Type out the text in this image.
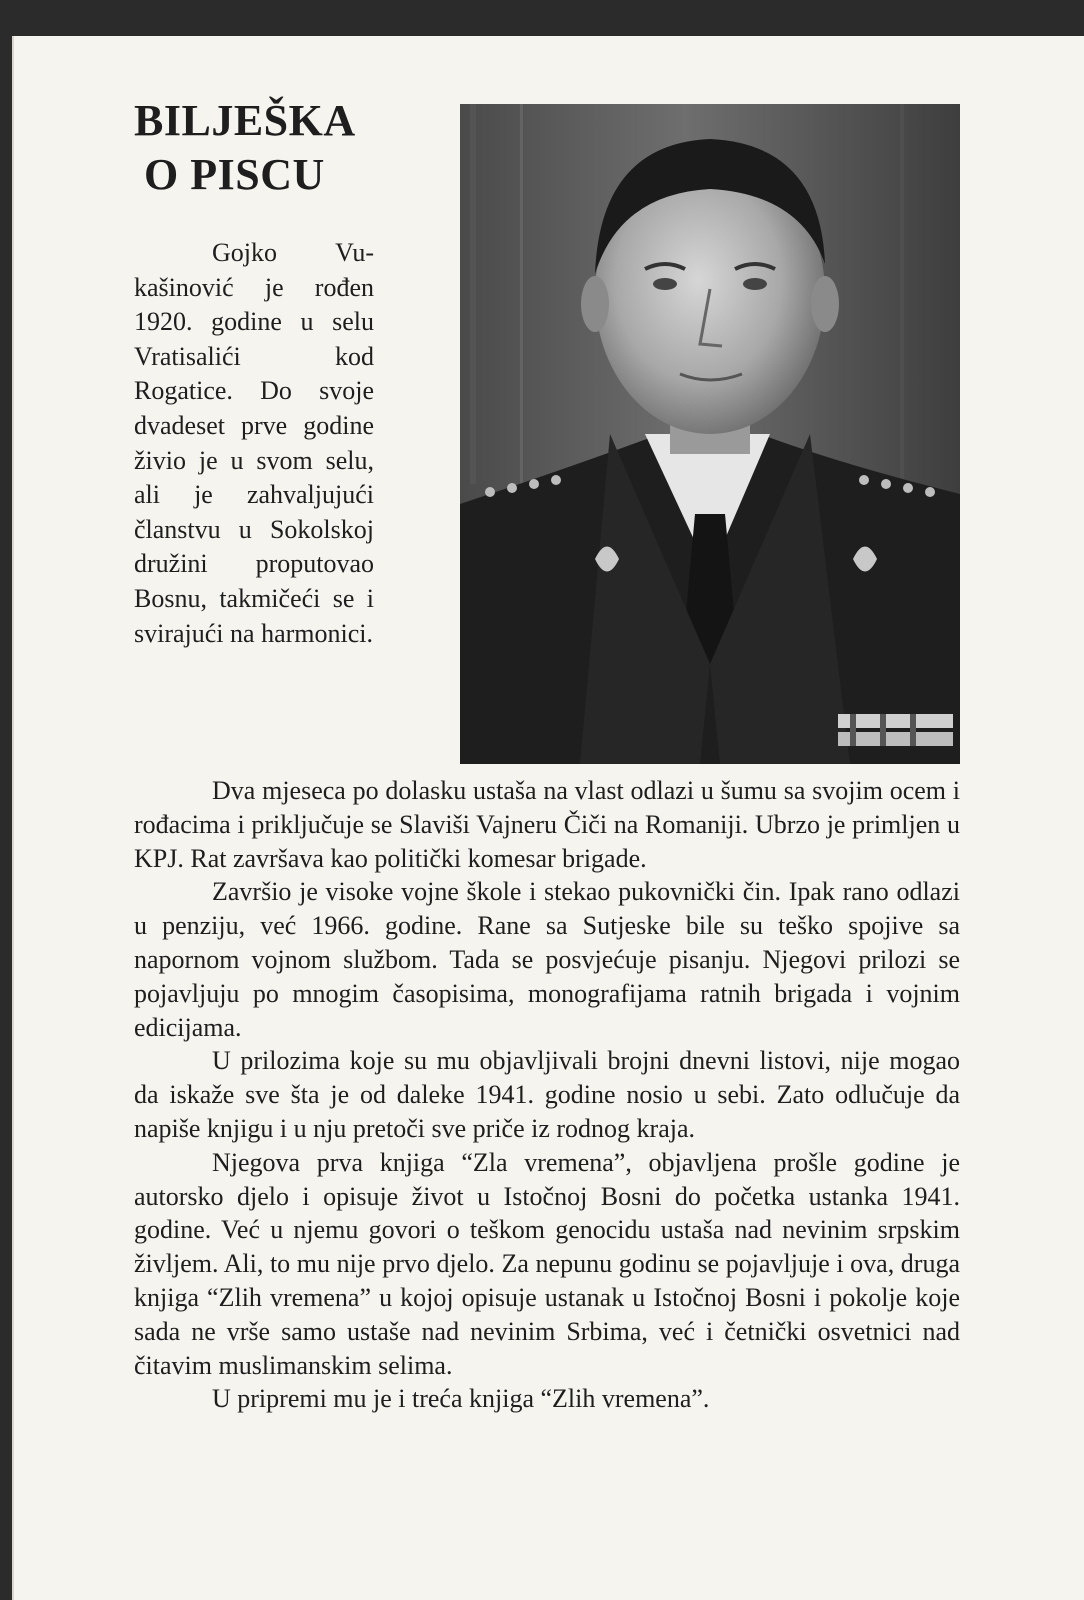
BILJEŠKA
O PISCU

Gojko Vukašinović je rođen 1920. godine u selu Vratisalići kod Rogatice. Do svoje dvadeset prve godine živio je u svom selu, ali je zahvaljujući članstvu u Sokolskoj družini proputovao Bosnu, takmičeći se i svirajući na harmonici.

Dva mjeseca po dolasku ustaša na vlast odlazi u šumu sa svojim ocem i rođacima i priključuje se Slaviši Vajneru Čiči na Romaniji. Ubrzo je primljen u KPJ. Rat završava kao politički komesar brigade.

Završio je visoke vojne škole i stekao pukovnički čin. Ipak rano odlazi u penziju, već 1966. godine. Rane sa Sutjeske bile su teško spojive sa napornom vojnom službom. Tada se posvjećuje pisanju. Njegovi prilozi se pojavljuju po mnogim časopisima, monografijama ratnih brigada i vojnim edicijama.

U prilozima koje su mu objavljivali brojni dnevni listovi, nije mogao da iskaže sve šta je od daleke 1941. godine nosio u sebi. Zato odlučuje da napiše knjigu i u nju pretoči sve priče iz rodnog kraja.

Njegova prva knjiga “Zla vremena”, objavljena prošle godine je autorsko djelo i opisuje život u Istočnoj Bosni do početka ustanka 1941. godine. Već u njemu govori o teškom genocidu ustaša nad nevinim srpskim življem. Ali, to mu nije prvo djelo. Za nepunu godinu se pojavljuje i ova, druga knjiga “Zlih vremena” u kojoj opisuje ustanak u Istočnoj Bosni i pokolje koje sada ne vrše samo ustaše nad nevinim Srbima, već i četnički osvetnici nad čitavim muslimanskim selima.

U pripremi mu je i treća knjiga “Zlih vremena”.
